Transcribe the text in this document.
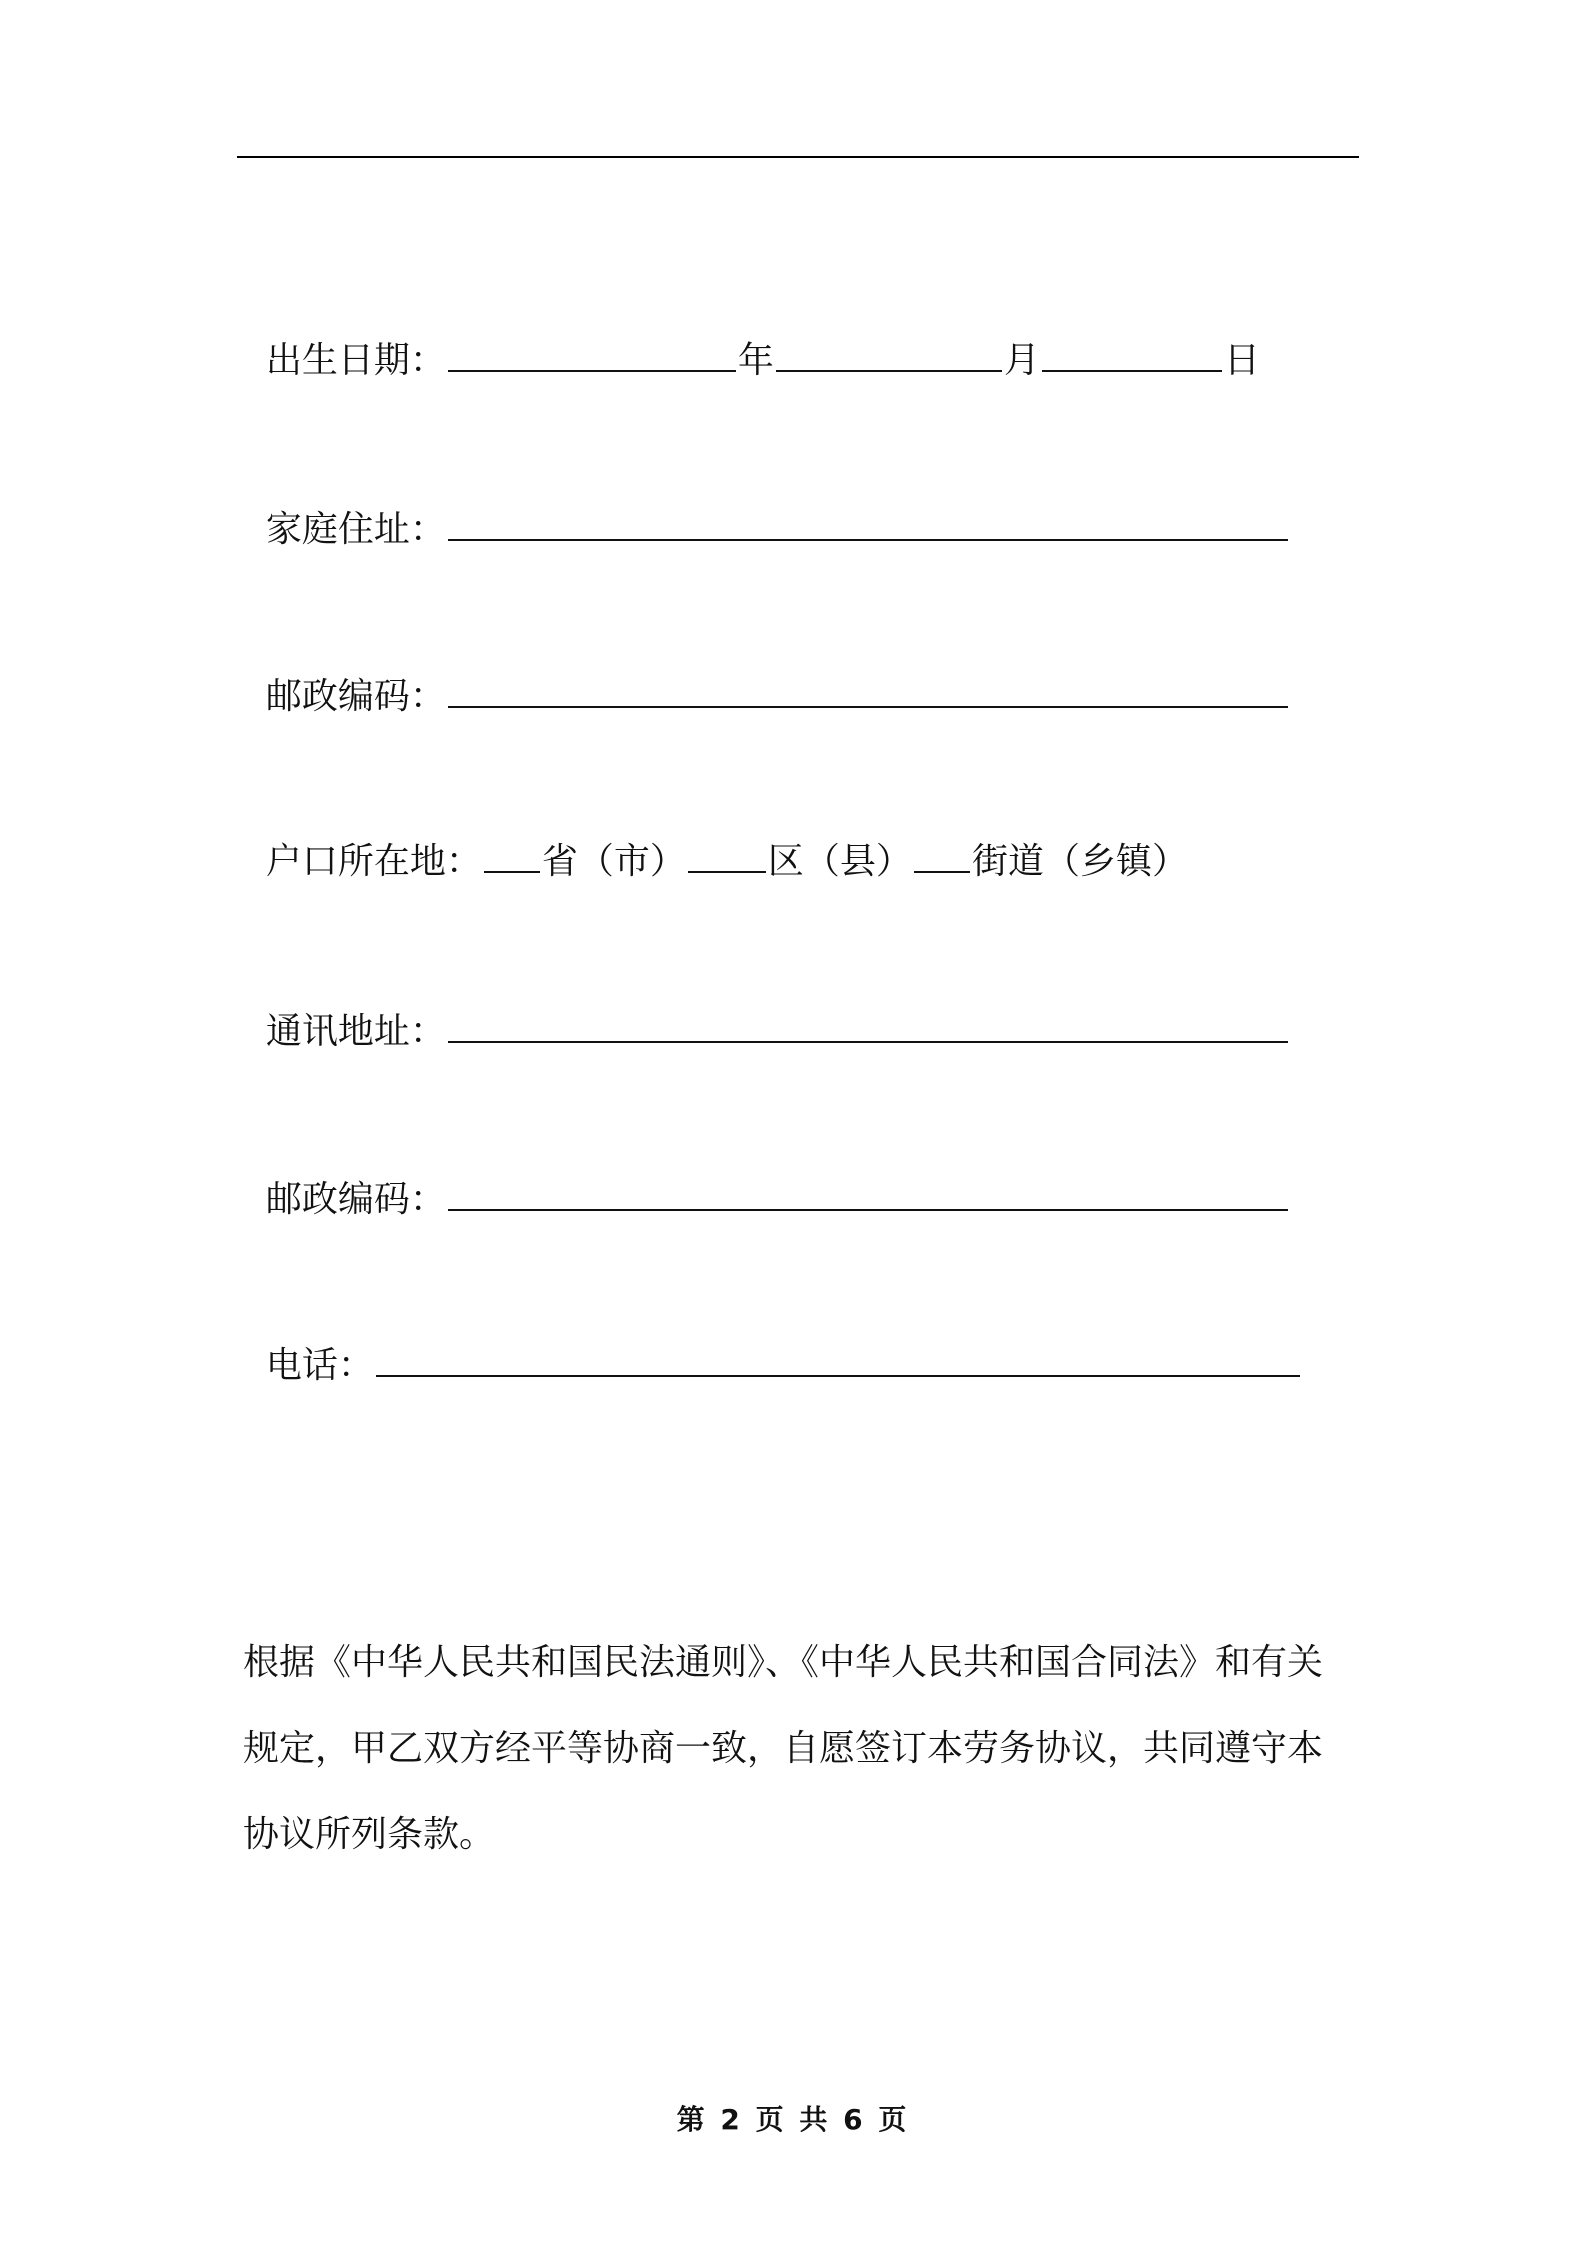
出生日期：	年	月	日

家庭住址：

邮政编码：

户口所在地： 省（市） 区（县） 街道（乡镇）

通讯地址：

邮政编码：

电话：

根据《中华人民共和国民法通则》、《中华人民共和国合同法》和有关
规定，甲乙双方经平等协商一致，自愿签订本劳务协议，共同遵守本
协议所列条款。
第 2 页 共 6 页
